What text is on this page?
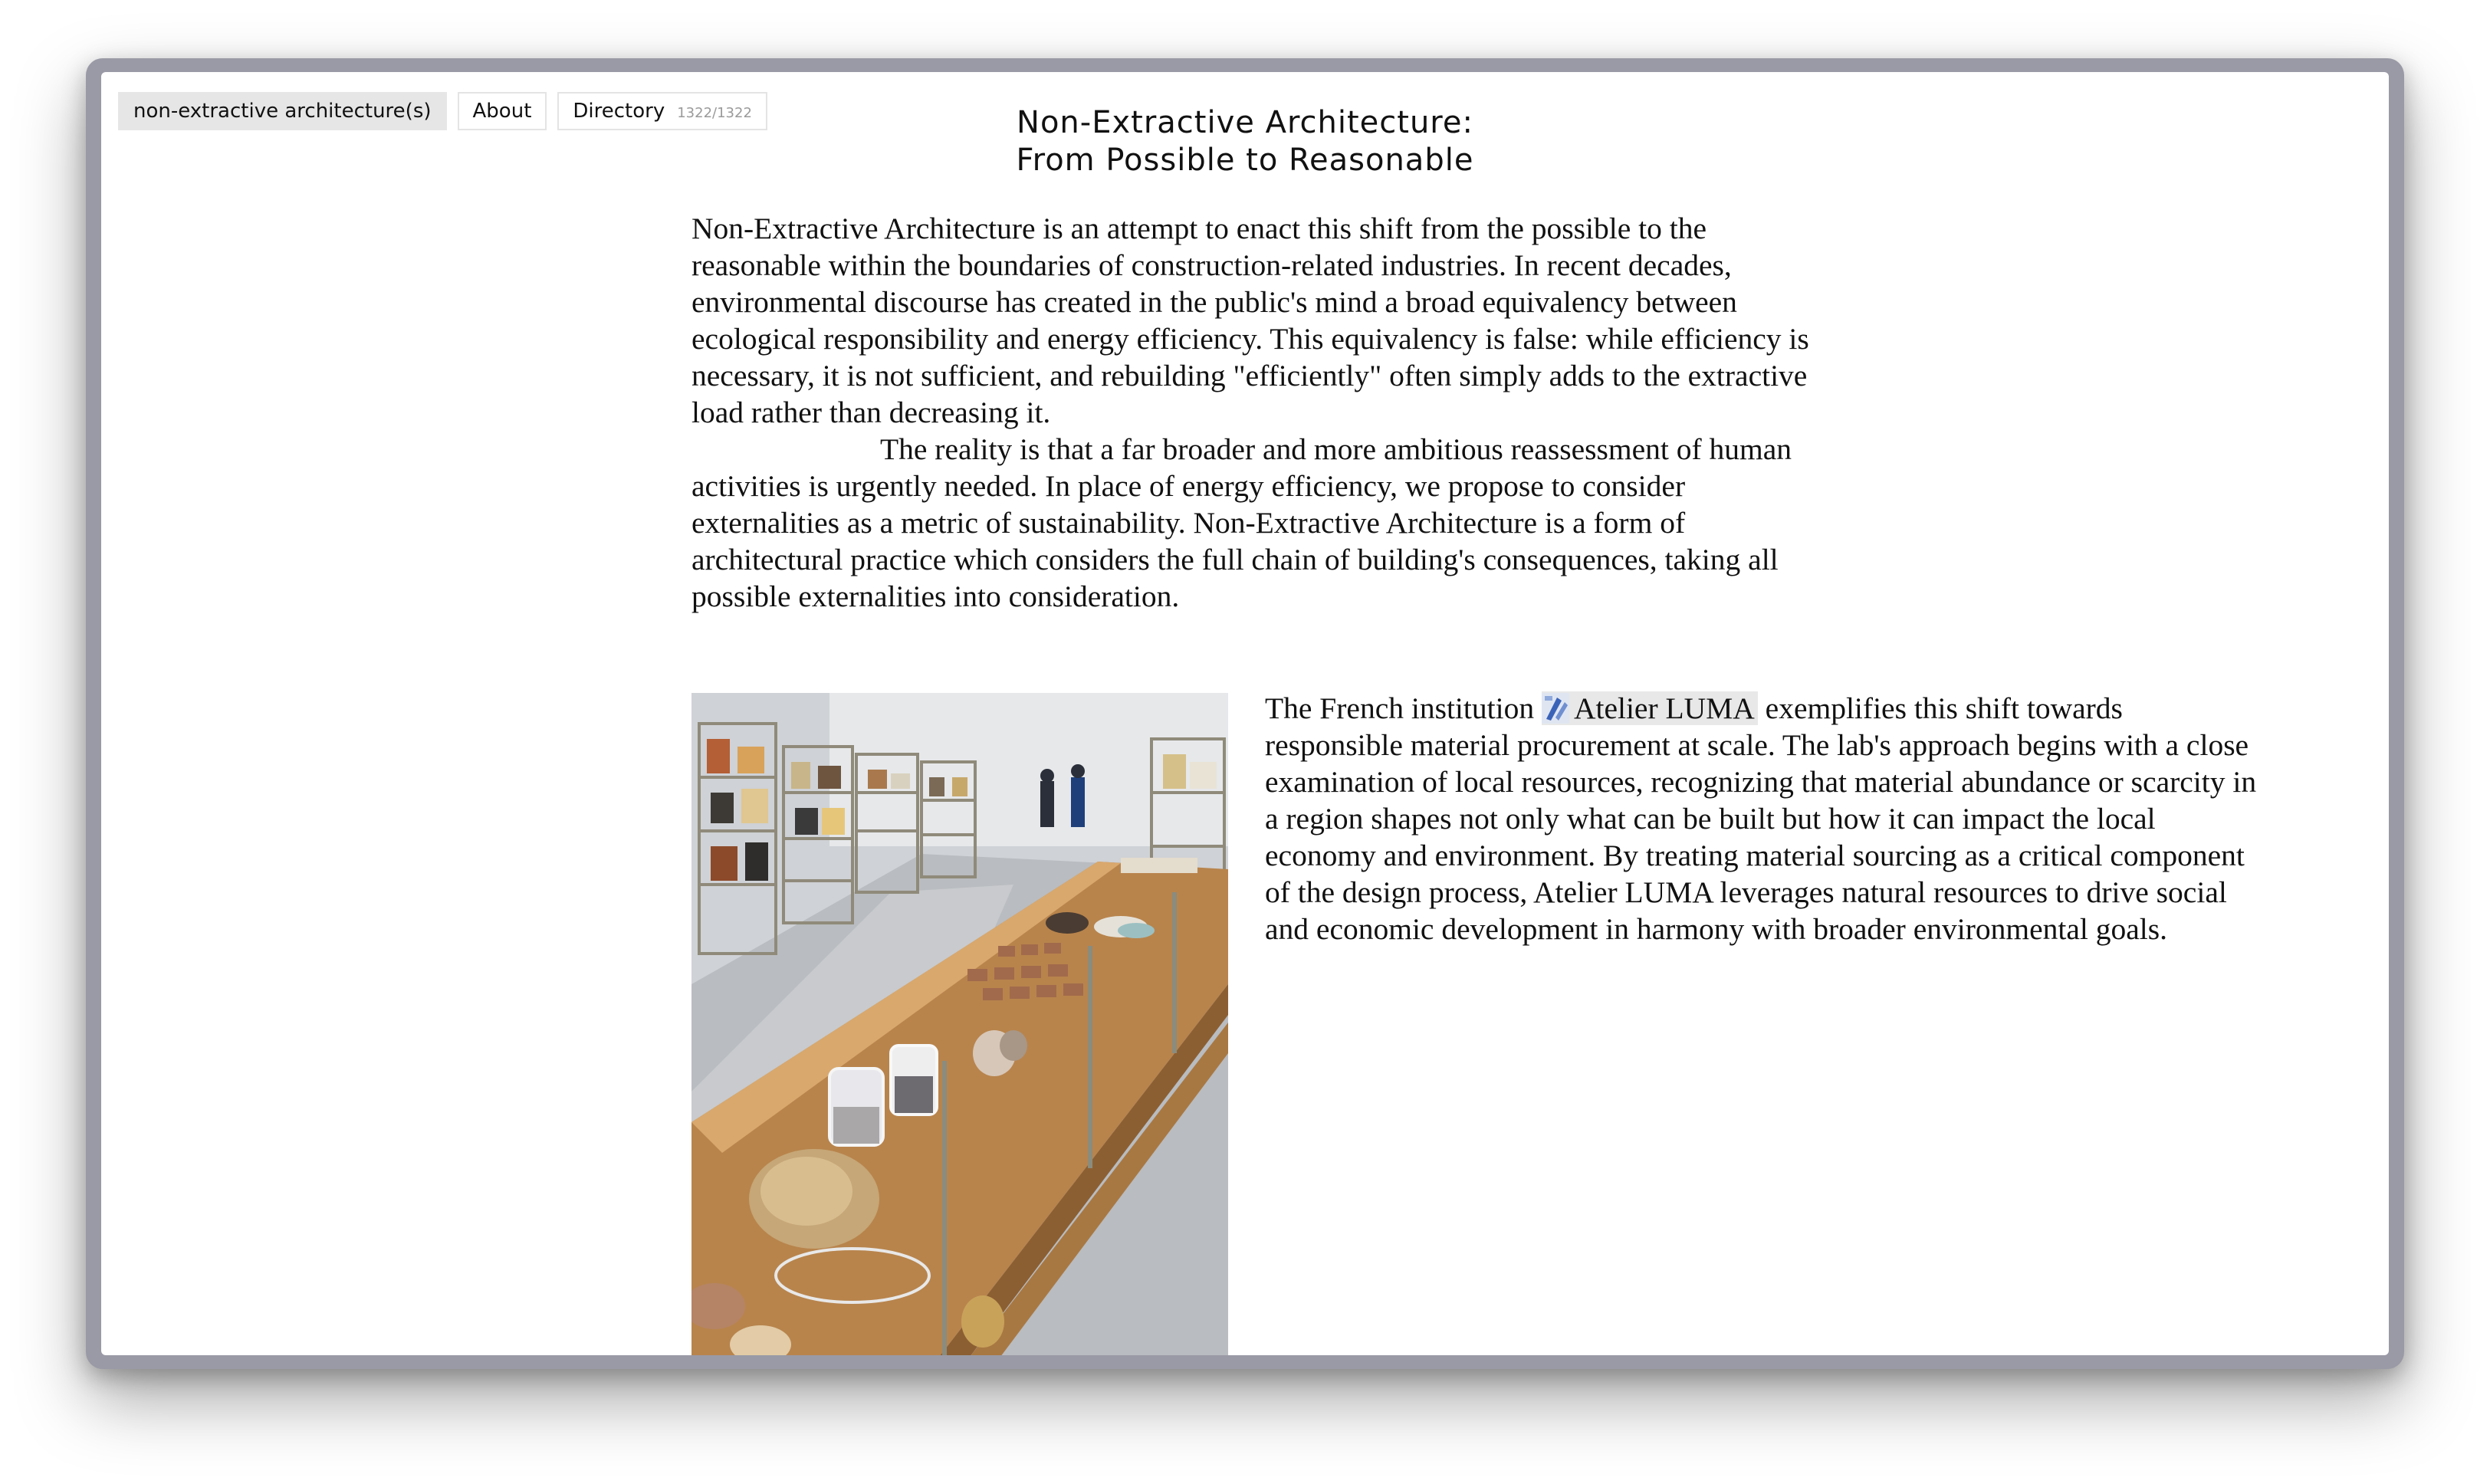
non-extractive architecture(s) About Directory 1322/1322	Non-Extractive Architecture:
From Possible to Reasonable

Non-Extractive Architecture is an attempt to enact this shift from the possible to the reasonable within the boundaries of construction-related industries. In recent decades, environmental discourse has created in the public's mind a broad equivalency between ecological responsibility and energy efficiency. This equivalency is false: while efficiency is necessary, it is not sufficient, and rebuilding "efficiently" often simply adds to the extractive load rather than decreasing it.

The reality is that a far broader and more ambitious reassessment of human activities is urgently needed. In place of energy efficiency, we propose to consider externalities as a metric of sustainability. Non-Extractive Architecture is a form of architectural practice which considers the full chain of building's consequences, taking all possible externalities into consideration.

The French institution Atelier LUMA exemplifies this shift towards responsible material procurement at scale. The lab's approach begins with a close examination of local resources, recognizing that material abundance or scarcity in a region shapes not only what can be built but how it can impact the local economy and environment. By treating material sourcing as a critical component of the design process, Atelier LUMA leverages natural resources to drive social and economic development in harmony with broader environmental goals.
